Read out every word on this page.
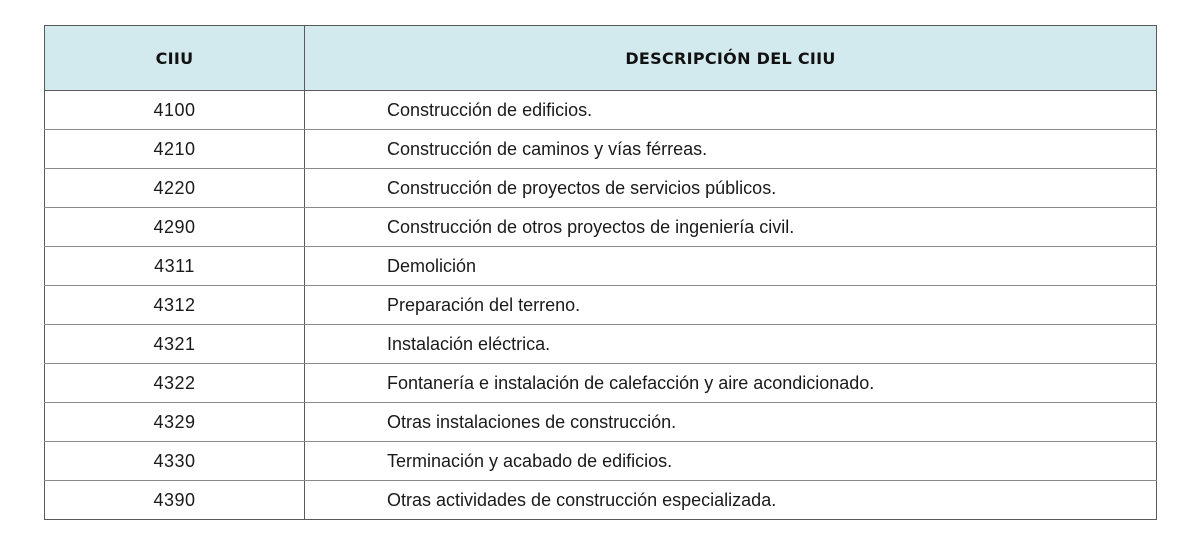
CIIU	DESCRIPCIÓN DEL CIIU
4100	Construcción de edificios.
4210	Construcción de caminos y vías férreas.
4220	Construcción de proyectos de servicios públicos.
4290	Construcción de otros proyectos de ingeniería civil.
4311	Demolición
4312	Preparación del terreno.
4321	Instalación eléctrica.
4322	Fontanería e instalación de calefacción y aire acondicionado.
4329	Otras instalaciones de construcción.
4330	Terminación y acabado de edificios.
4390	Otras actividades de construcción especializada.
